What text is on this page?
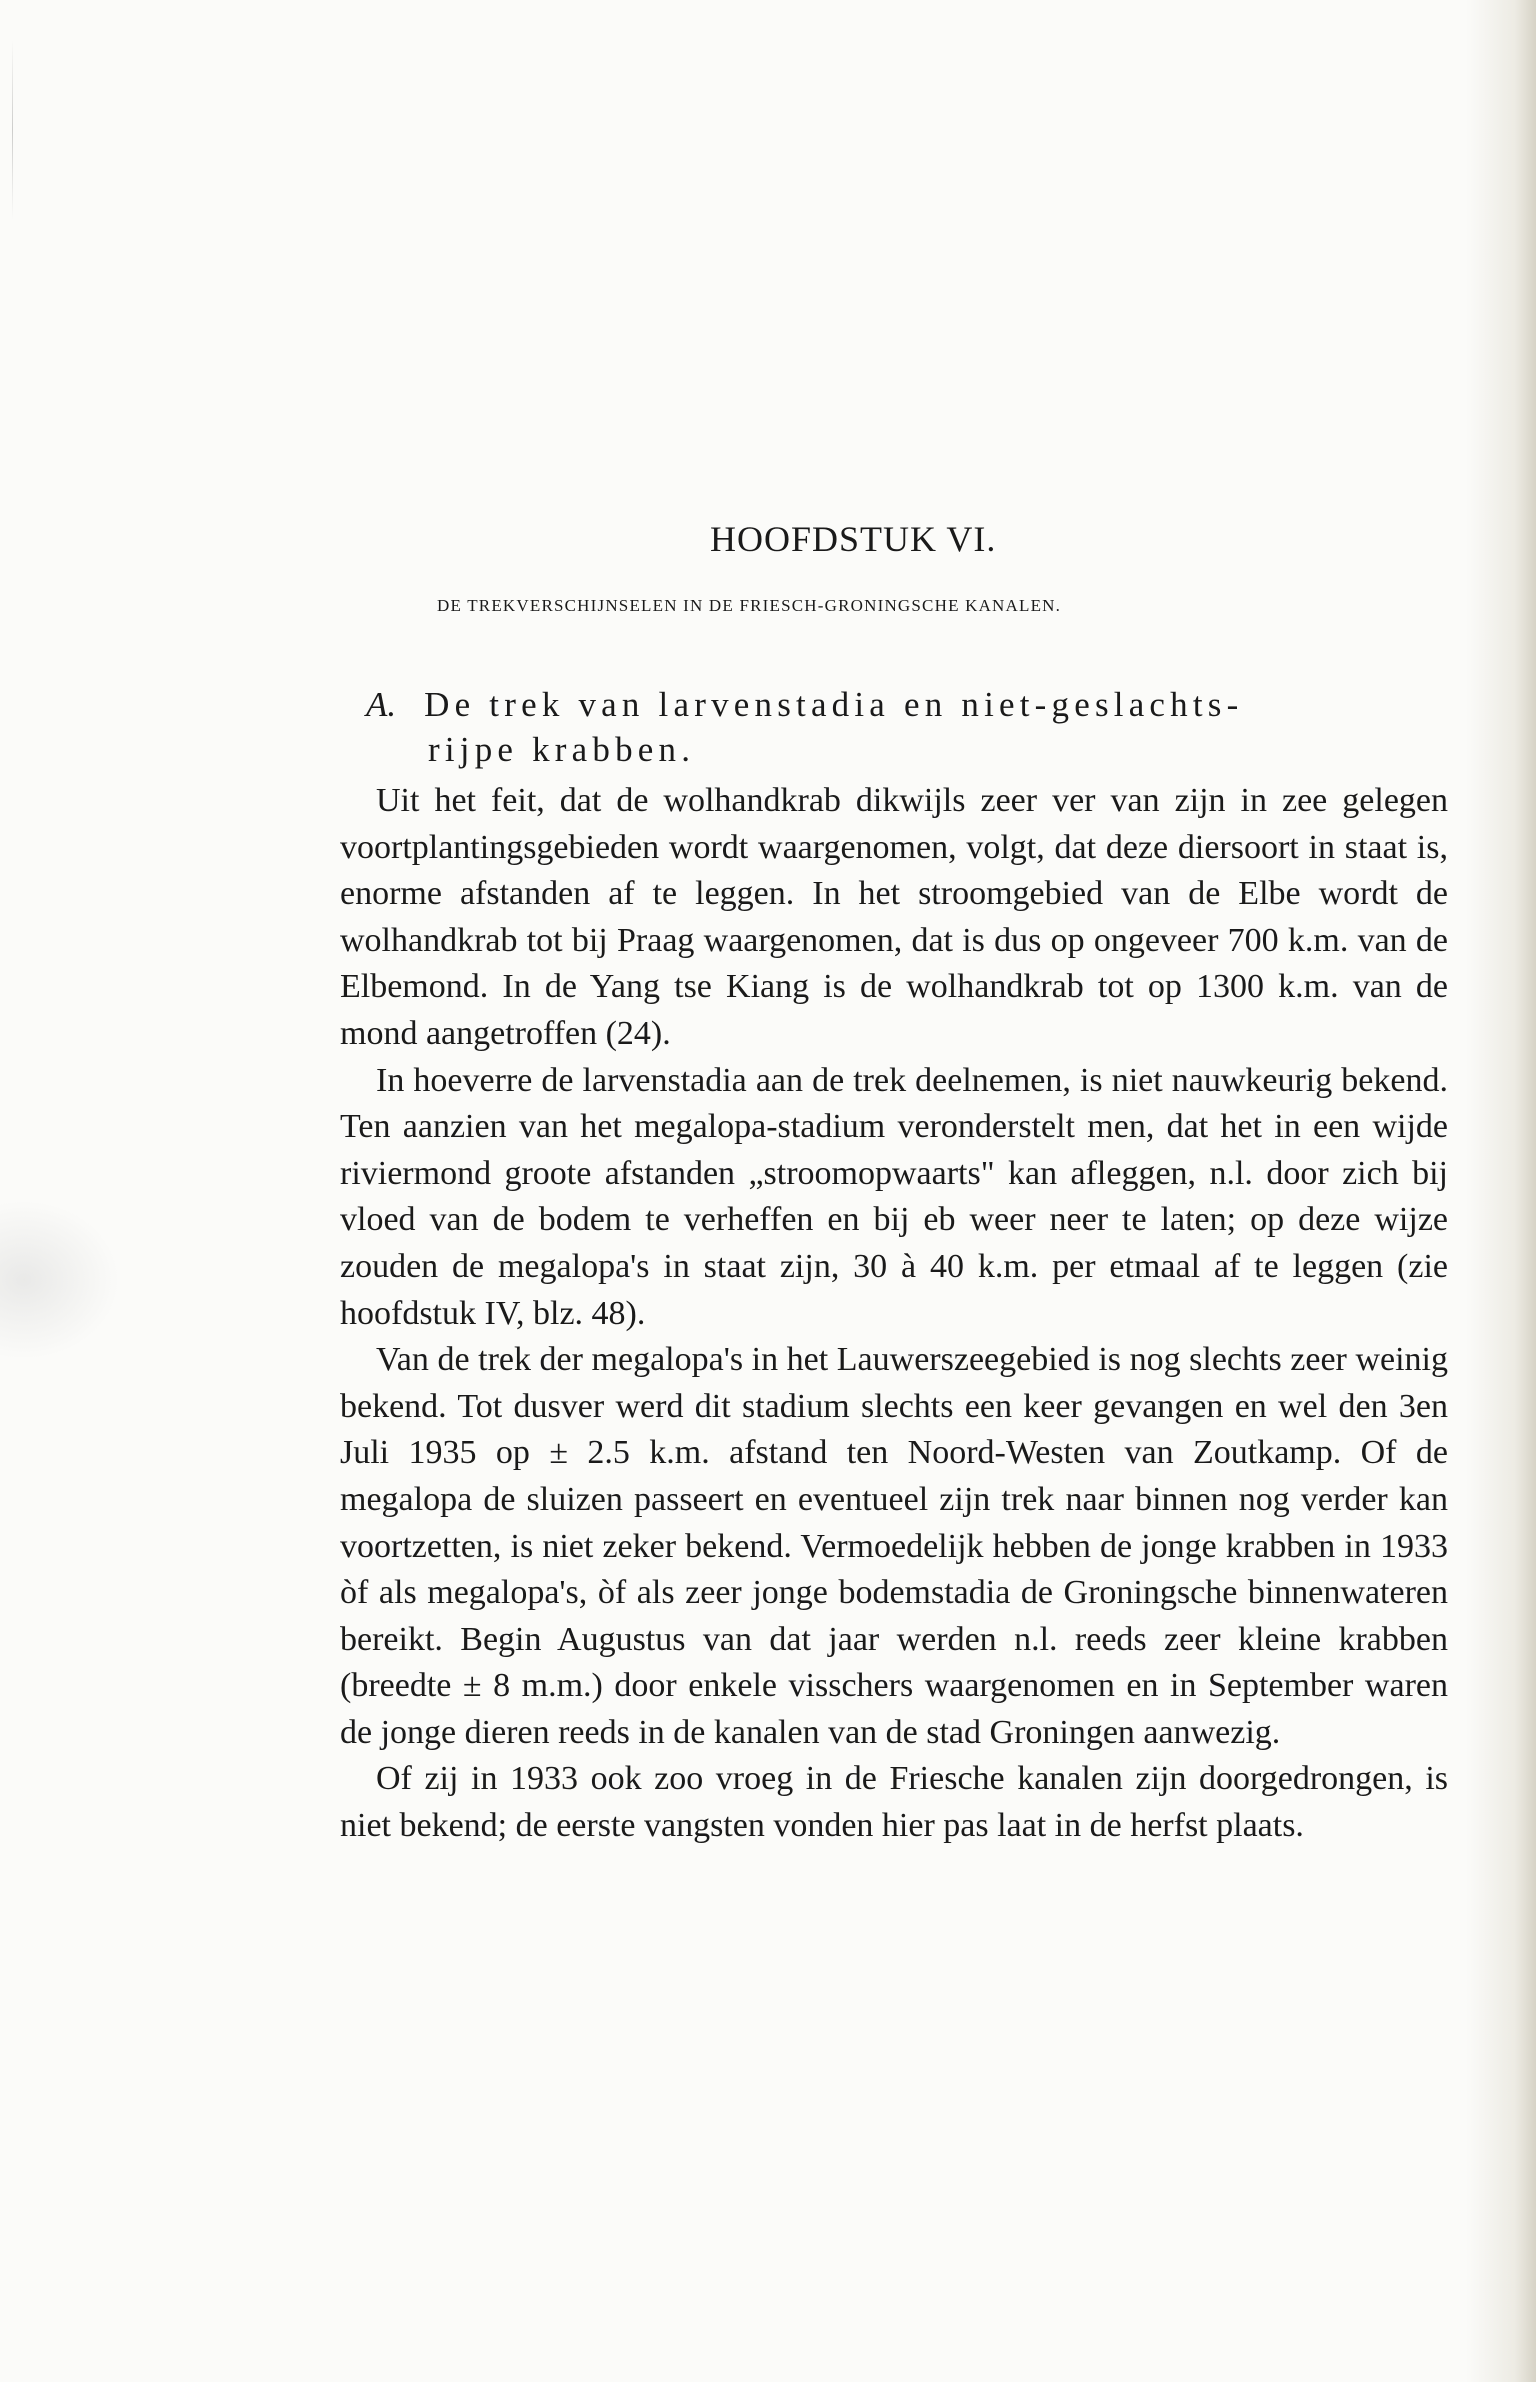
HOOFDSTUK VI.
DE TREKVERSCHIJNSELEN IN DE FRIESCH-GRONINGSCHE KANALEN.
A. De trek van larvenstadia en niet-geslachts-
rijpe krabben.

Uit het feit, dat de wolhandkrab dikwijls zeer ver van zijn in zee gelegen voortplantingsgebieden wordt waargenomen, volgt, dat deze diersoort in staat is, enorme afstanden af te leggen. In het stroomgebied van de Elbe wordt de wolhandkrab tot bij Praag waargenomen, dat is dus op ongeveer 700 k.m. van de Elbemond. In de Yang tse Kiang is de wolhandkrab tot op 1300 k.m. van de mond aangetroffen (24).

In hoeverre de larvenstadia aan de trek deelnemen, is niet nauwkeurig bekend. Ten aanzien van het megalopa-stadium veronderstelt men, dat het in een wijde riviermond groote afstanden „stroomopwaarts" kan afleggen, n.l. door zich bij vloed van de bodem te verheffen en bij eb weer neer te laten; op deze wijze zouden de megalopa's in staat zijn, 30 à 40 k.m. per etmaal af te leggen (zie hoofdstuk IV, blz. 48).

Van de trek der megalopa's in het Lauwerszeegebied is nog slechts zeer weinig bekend. Tot dusver werd dit stadium slechts een keer gevangen en wel den 3en Juli 1935 op ± 2.5 k.m. afstand ten Noord-Westen van Zoutkamp. Of de megalopa de sluizen passeert en eventueel zijn trek naar binnen nog verder kan voortzetten, is niet zeker bekend. Vermoedelijk hebben de jonge krabben in 1933 òf als megalopa's, òf als zeer jonge bodemstadia de Groningsche binnenwateren bereikt. Begin Augustus van dat jaar werden n.l. reeds zeer kleine krabben (breedte ± 8 m.m.) door enkele visschers waargenomen en in September waren de jonge dieren reeds in de kanalen van de stad Groningen aanwezig.

Of zij in 1933 ook zoo vroeg in de Friesche kanalen zijn doorgedrongen, is niet bekend; de eerste vangsten vonden hier pas laat in de herfst plaats.
